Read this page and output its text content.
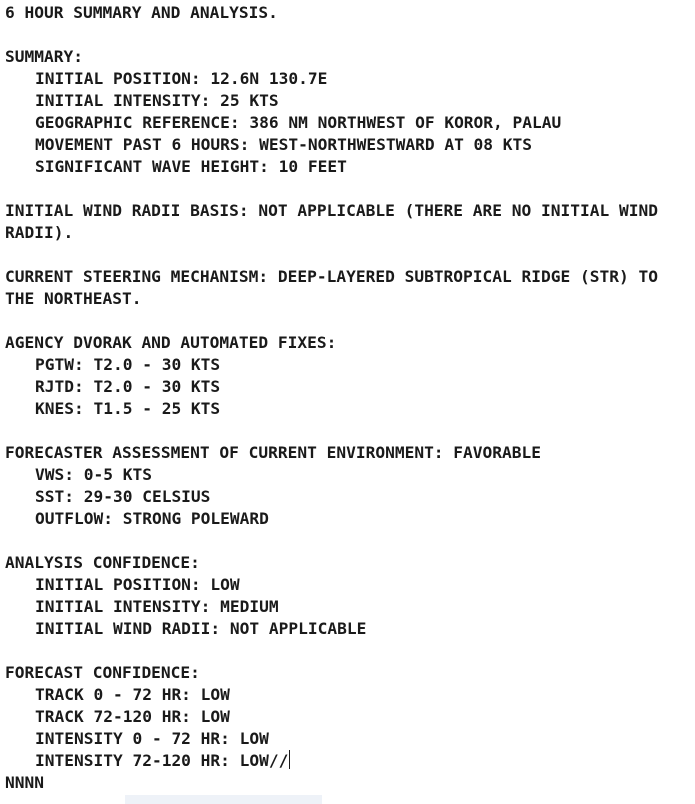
6 HOUR SUMMARY AND ANALYSIS.
SUMMARY:
INITIAL POSITION: 12.6N 130.7E
INITIAL INTENSITY: 25 KTS
GEOGRAPHIC REFERENCE: 386 NM NORTHWEST OF KOROR, PALAU
MOVEMENT PAST 6 HOURS: WEST-NORTHWESTWARD AT 08 KTS
SIGNIFICANT WAVE HEIGHT: 10 FEET
INITIAL WIND RADII BASIS: NOT APPLICABLE (THERE ARE NO INITIAL WIND
RADII).
CURRENT STEERING MECHANISM: DEEP-LAYERED SUBTROPICAL RIDGE (STR) TO
THE NORTHEAST.
AGENCY DVORAK AND AUTOMATED FIXES:
PGTW: T2.0 - 30 KTS
RJTD: T2.0 - 30 KTS
KNES: T1.5 - 25 KTS
FORECASTER ASSESSMENT OF CURRENT ENVIRONMENT: FAVORABLE
VWS: 0-5 KTS
SST: 29-30 CELSIUS
OUTFLOW: STRONG POLEWARD
ANALYSIS CONFIDENCE:
INITIAL POSITION: LOW
INITIAL INTENSITY: MEDIUM
INITIAL WIND RADII: NOT APPLICABLE
FORECAST CONFIDENCE:
TRACK 0 - 72 HR: LOW
TRACK 72-120 HR: LOW
INTENSITY 0 - 72 HR: LOW
INTENSITY 72-120 HR: LOW//
NNNN
